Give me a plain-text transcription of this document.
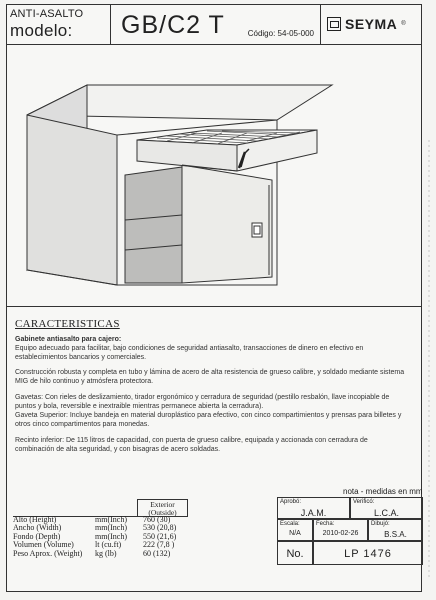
ANTI-ASALTO
modelo: GB/C2 T	Código: 54-05-000
SEYMA ®
CARACTERISTICAS

Gabinete antiasalto para cajero:

Equipo adecuado para facilitar, bajo condiciones de seguridad antiasalto, transacciones de dinero en efectivo en establecimientos bancarios y comerciales.

Construcción robusta y completa en tubo y lámina de acero de alta resistencia de grueso calibre, y soldado mediante sistema MIG de hilo continuo y atmósfera protectora.

Gavetas: Con rieles de deslizamiento, tirador ergonómico y cerradura de seguridad (pestillo resbalón, llave incopiable de puntos y bola, reversible e inextraible mientras permanece abierta la cerradura).

Gaveta Superior: Incluye bandeja en material duroplástico para efectivo, con cinco compartimientos y prensas para billetes y otros cinco compartimentos para monedas.

Recinto inferior: De 115 litros de capacidad, con puerta de grueso calibre, equipada y accionada con cerradura de combinación de alta seguridad, y con bisagras de acero soldadas.

Exterior
(Outside)
Alto (Height)	mm(Inch) 760 (30)
Ancho (Width)	mm(Inch) 530 (20,8)
Fondo (Depth)	mm(Inch) 550 (21,6)
Volumen (Volume)	lt (cu.ft)	222 (7,8 )
Peso Aprox. (Weight) kg (lb)	60 (132)
nota - medidas en mm
Aprobó:
J.A.M.
Verificó:
L.C.A.
Escala:
N/A
Fecha:
2010-02-26
Dibujó:
B.S.A.
No.	LP 1476
